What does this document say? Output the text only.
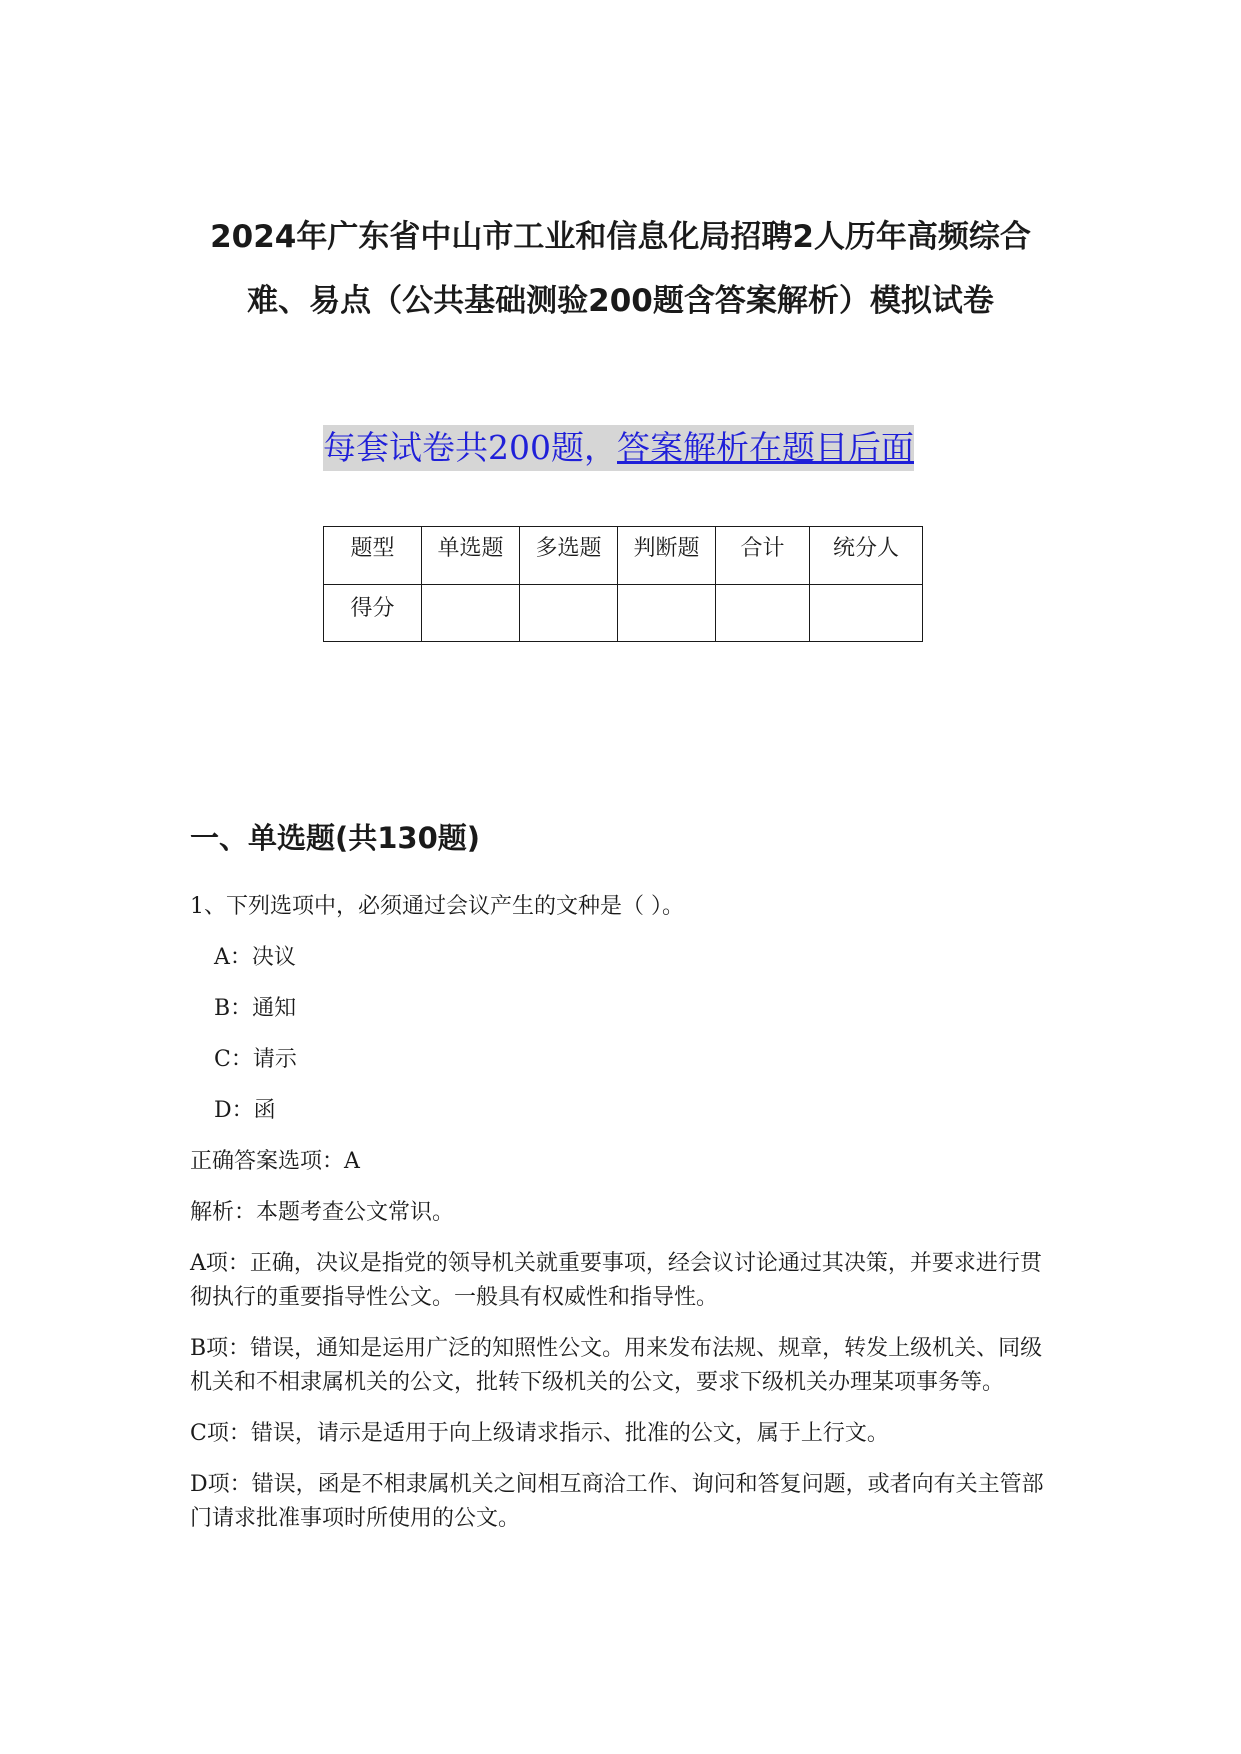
2024年广东省中山市工业和信息化局招聘2人历年高频综合
难、易点（公共基础测验200题含答案解析）模拟试卷
每套试卷共200题，答案解析在题目后面
题型	单选题	多选题	判断题	合计	统分人
得分					
一、单选题(共130题)

1、下列选项中，必须通过会议产生的文种是（ ）。

A：决议

B：通知

C：请示

D：函

正确答案选项：A

解析：本题考查公文常识。

A项：正确，决议是指党的领导机关就重要事项，经会议讨论通过其决策，并要求进行贯彻执行的重要指导性公文。一般具有权威性和指导性。

B项：错误，通知是运用广泛的知照性公文。用来发布法规、规章，转发上级机关、同级机关和不相隶属机关的公文，批转下级机关的公文，要求下级机关办理某项事务等。

C项：错误，请示是适用于向上级请求指示、批准的公文，属于上行文。

D项：错误，函是不相隶属机关之间相互商洽工作、询问和答复问题，或者向有关主管部门请求批准事项时所使用的公文。
